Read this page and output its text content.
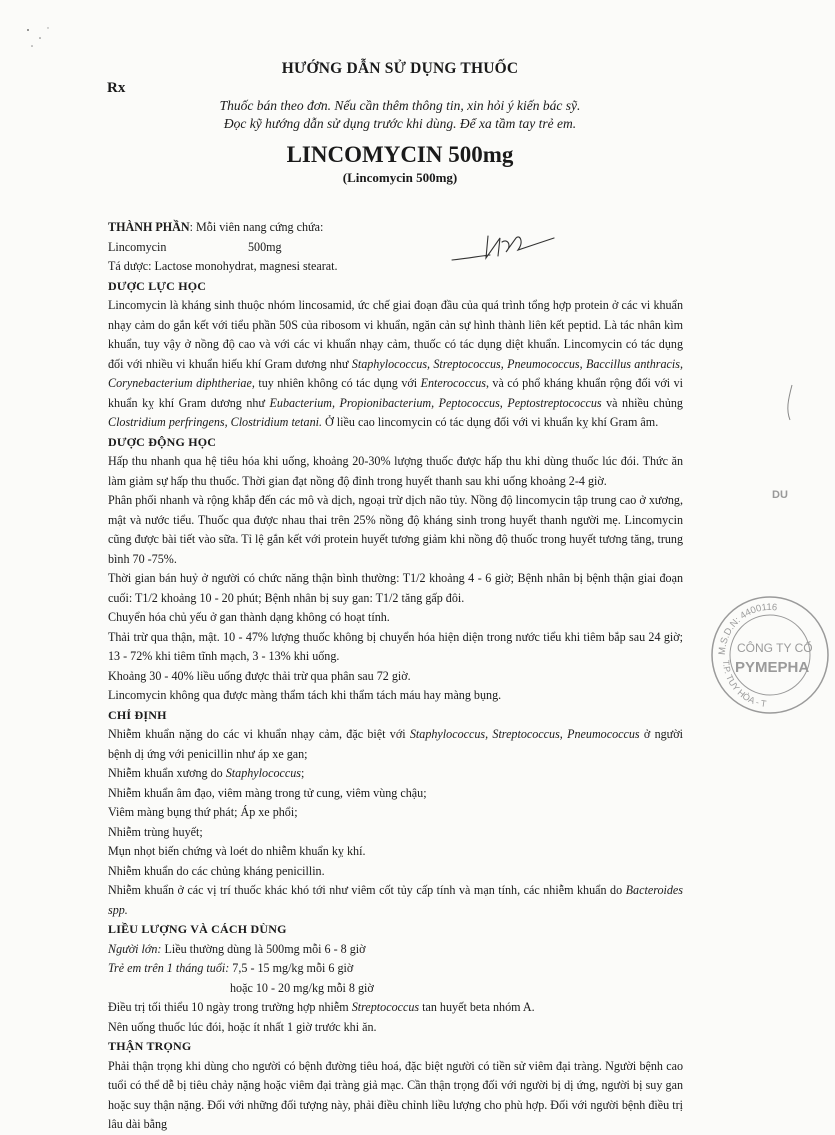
HƯỚNG DẪN SỬ DỤNG THUỐC
Rx
Thuốc bán theo đơn. Nếu cần thêm thông tin, xin hỏi ý kiến bác sỹ.
Đọc kỹ hướng dẫn sử dụng trước khi dùng. Để xa tầm tay trẻ em.
LINCOMYCIN 500mg
(Lincomycin 500mg)
DU
M.S.D.N: 4400116
CÔNG TY CỔ
PYMEPHA
T.P. TUY HÒA - T

THÀNH PHẦN: Mỗi viên nang cứng chứa:

Lincomycin	500mg

Tá dược: Lactose monohydrat, magnesi stearat.

DƯỢC LỰC HỌC

Lincomycin là kháng sinh thuộc nhóm lincosamid, ức chế giai đoạn đầu của quá trình tổng hợp protein ở các vi khuẩn nhạy cảm do gắn kết với tiểu phần 50S của ribosom vi khuẩn, ngăn cản sự hình thành liên kết peptid. Là tác nhân kìm khuẩn, tuy vậy ở nồng độ cao và với các vi khuẩn nhạy cảm, thuốc có tác dụng diệt khuẩn. Lincomycin có tác dụng đối với nhiều vi khuẩn hiếu khí Gram dương như Staphylococcus, Streptococcus, Pneumococcus, Baccillus anthracis, Corynebacterium diphtheriae, tuy nhiên không có tác dụng với Enterococcus, và có phổ kháng khuẩn rộng đối với vi khuẩn kỵ khí Gram dương như Eubacterium, Propionibacterium, Peptococcus, Peptostreptococcus và nhiều chủng Clostridium perfringens, Clostridium tetani. Ở liều cao lincomycin có tác dụng đối với vi khuẩn kỵ khí Gram âm.

DƯỢC ĐỘNG HỌC

Hấp thu nhanh qua hệ tiêu hóa khi uống, khoảng 20-30% lượng thuốc được hấp thu khi dùng thuốc lúc đói. Thức ăn làm giảm sự hấp thu thuốc. Thời gian đạt nồng độ đỉnh trong huyết thanh sau khi uống khoảng 2-4 giờ.

Phân phối nhanh và rộng khắp đến các mô và dịch, ngoại trừ dịch não tủy. Nồng độ lincomycin tập trung cao ở xương, mật và nước tiểu. Thuốc qua được nhau thai trên 25% nồng độ kháng sinh trong huyết thanh người mẹ. Lincomycin cũng được bài tiết vào sữa. Tỉ lệ gắn kết với protein huyết tương giảm khi nồng độ thuốc trong huyết tương tăng, trung bình 70 -75%.

Thời gian bán huỷ ở người có chức năng thận bình thường: T1/2 khoảng 4 - 6 giờ; Bệnh nhân bị bệnh thận giai đoạn cuối: T1/2 khoảng 10 - 20 phút; Bệnh nhân bị suy gan: T1/2 tăng gấp đôi.

Chuyển hóa chủ yếu ở gan thành dạng không có hoạt tính.

Thải trừ qua thận, mật. 10 - 47% lượng thuốc không bị chuyển hóa hiện diện trong nước tiểu khi tiêm bắp sau 24 giờ; 13 - 72% khi tiêm tĩnh mạch, 3 - 13% khi uống.

Khoảng 30 - 40% liều uống được thải trừ qua phân sau 72 giờ.

Lincomycin không qua được màng thẩm tách khi thẩm tách máu hay màng bụng.

CHỈ ĐỊNH

Nhiễm khuẩn nặng do các vi khuẩn nhạy cảm, đặc biệt với Staphylococcus, Streptococcus, Pneumococcus ở người bệnh dị ứng với penicillin như áp xe gan;

Nhiễm khuẩn xương do Staphylococcus;

Nhiễm khuẩn âm đạo, viêm màng trong tử cung, viêm vùng chậu;

Viêm màng bụng thứ phát; Áp xe phổi;

Nhiễm trùng huyết;

Mụn nhọt biến chứng và loét do nhiễm khuẩn kỵ khí.

Nhiễm khuẩn do các chủng kháng penicillin.

Nhiễm khuẩn ở các vị trí thuốc khác khó tới như viêm cốt tủy cấp tính và mạn tính, các nhiễm khuẩn do Bacteroides spp.

LIỀU LƯỢNG VÀ CÁCH DÙNG

Người lớn: Liều thường dùng là 500mg mỗi 6 - 8 giờ

Trẻ em trên 1 tháng tuổi: 7,5 - 15 mg/kg mỗi 6 giờ

hoặc 10 - 20 mg/kg mỗi 8 giờ

Điều trị tối thiểu 10 ngày trong trường hợp nhiễm Streptococcus tan huyết beta nhóm A.

Nên uống thuốc lúc đói, hoặc ít nhất 1 giờ trước khi ăn.

THẬN TRỌNG

Phải thận trọng khi dùng cho người có bệnh đường tiêu hoá, đặc biệt người có tiền sử viêm đại tràng. Người bệnh cao tuổi có thể dễ bị tiêu chảy nặng hoặc viêm đại tràng giả mạc. Cần thận trọng đối với người bị dị ứng, người bị suy gan hoặc suy thận nặng. Đối với những đối tượng này, phải điều chỉnh liều lượng cho phù hợp. Đối với người bệnh điều trị lâu dài bằng
